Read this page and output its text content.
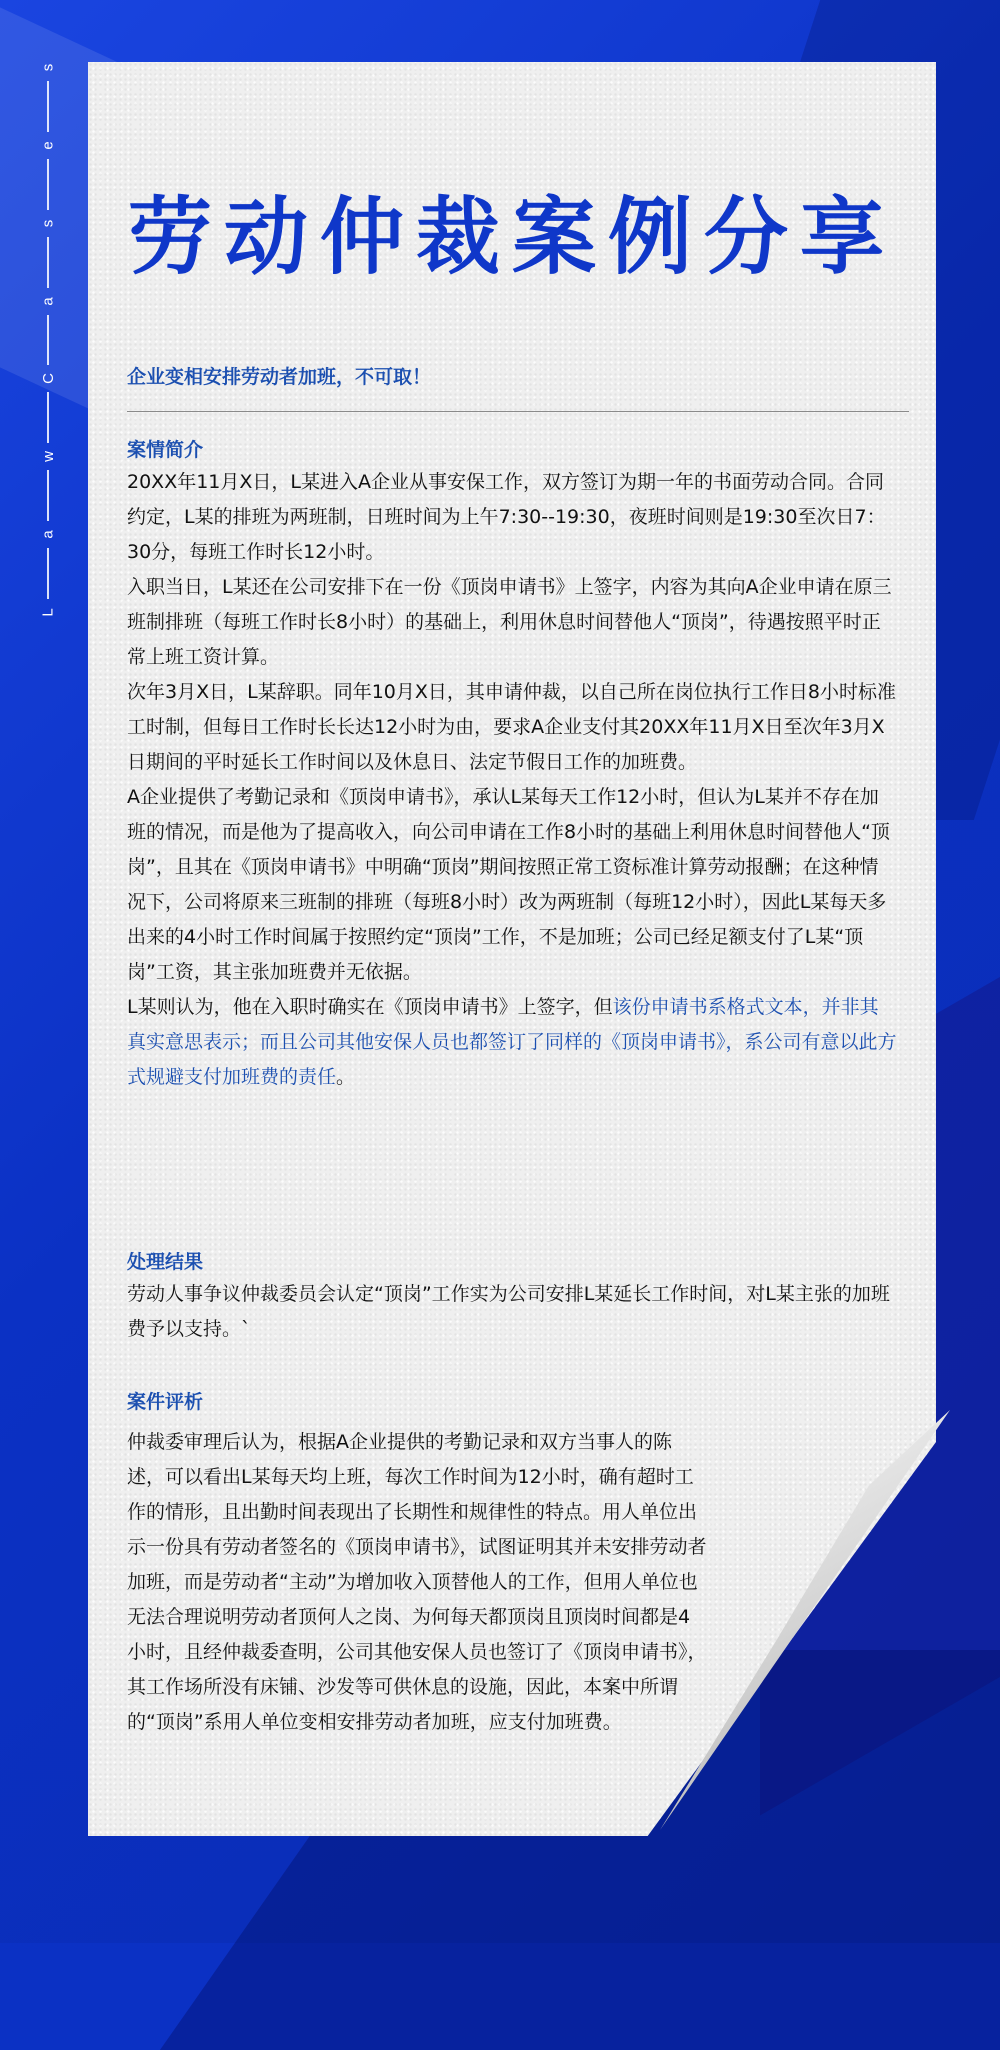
s
e
s
a
C
w
a
L
劳动仲裁案例分享
企业变相安排劳动者加班，不可取！
案情简介

20XX年11月X日，L某进入A企业从事安保工作，双方签订为期一年的书面劳动合同。合同约定，L某的排班为两班制，日班时间为上午7:30--19:30，夜班时间则是19:30至次日7：30分，每班工作时长12小时。

入职当日，L某还在公司安排下在一份《顶岗申请书》上签字，内容为其向A企业申请在原三班制排班（每班工作时长8小时）的基础上，利用休息时间替他人“顶岗”，待遇按照平时正常上班工资计算。

次年3月X日，L某辞职。同年10月X日，其申请仲裁，以自己所在岗位执行工作日8小时标准工时制，但每日工作时长长达12小时为由，要求A企业支付其20XX年11月X日至次年3月X日期间的平时延长工作时间以及休息日、法定节假日工作的加班费。

A企业提供了考勤记录和《顶岗申请书》，承认L某每天工作12小时，但认为L某并不存在加班的情况，而是他为了提高收入，向公司申请在工作8小时的基础上利用休息时间替他人“顶岗”，且其在《顶岗申请书》中明确“顶岗”期间按照正常工资标准计算劳动报酬；在这种情况下，公司将原来三班制的排班（每班8小时）改为两班制（每班12小时），因此L某每天多出来的4小时工作时间属于按照约定“顶岗”工作，不是加班；公司已经足额支付了L某“顶岗”工资，其主张加班费并无依据。

L某则认为，他在入职时确实在《顶岗申请书》上签字，但该份申请书系格式文本，并非其真实意思表示；而且公司其他安保人员也都签订了同样的《顶岗申请书》，系公司有意以此方式规避支付加班费的责任。

处理结果

劳动人事争议仲裁委员会认定“顶岗”工作实为公司安排L某延长工作时间，对L某主张的加班费予以支持。`

案件评析

仲裁委审理后认为，根据A企业提供的考勤记录和双方当事人的陈述，可以看出L某每天均上班，每次工作时间为12小时，确有超时工作的情形，且出勤时间表现出了长期性和规律性的特点。用人单位出示一份具有劳动者签名的《顶岗申请书》，试图证明其并未安排劳动者加班，而是劳动者“主动”为增加收入顶替他人的工作，但用人单位也无法合理说明劳动者顶何人之岗、为何每天都顶岗且顶岗时间都是4小时，且经仲裁委查明，公司其他安保人员也签订了《顶岗申请书》，其工作场所没有床铺、沙发等可供休息的设施，因此，本案中所谓的“顶岗”系用人单位变相安排劳动者加班，应支付加班费。
